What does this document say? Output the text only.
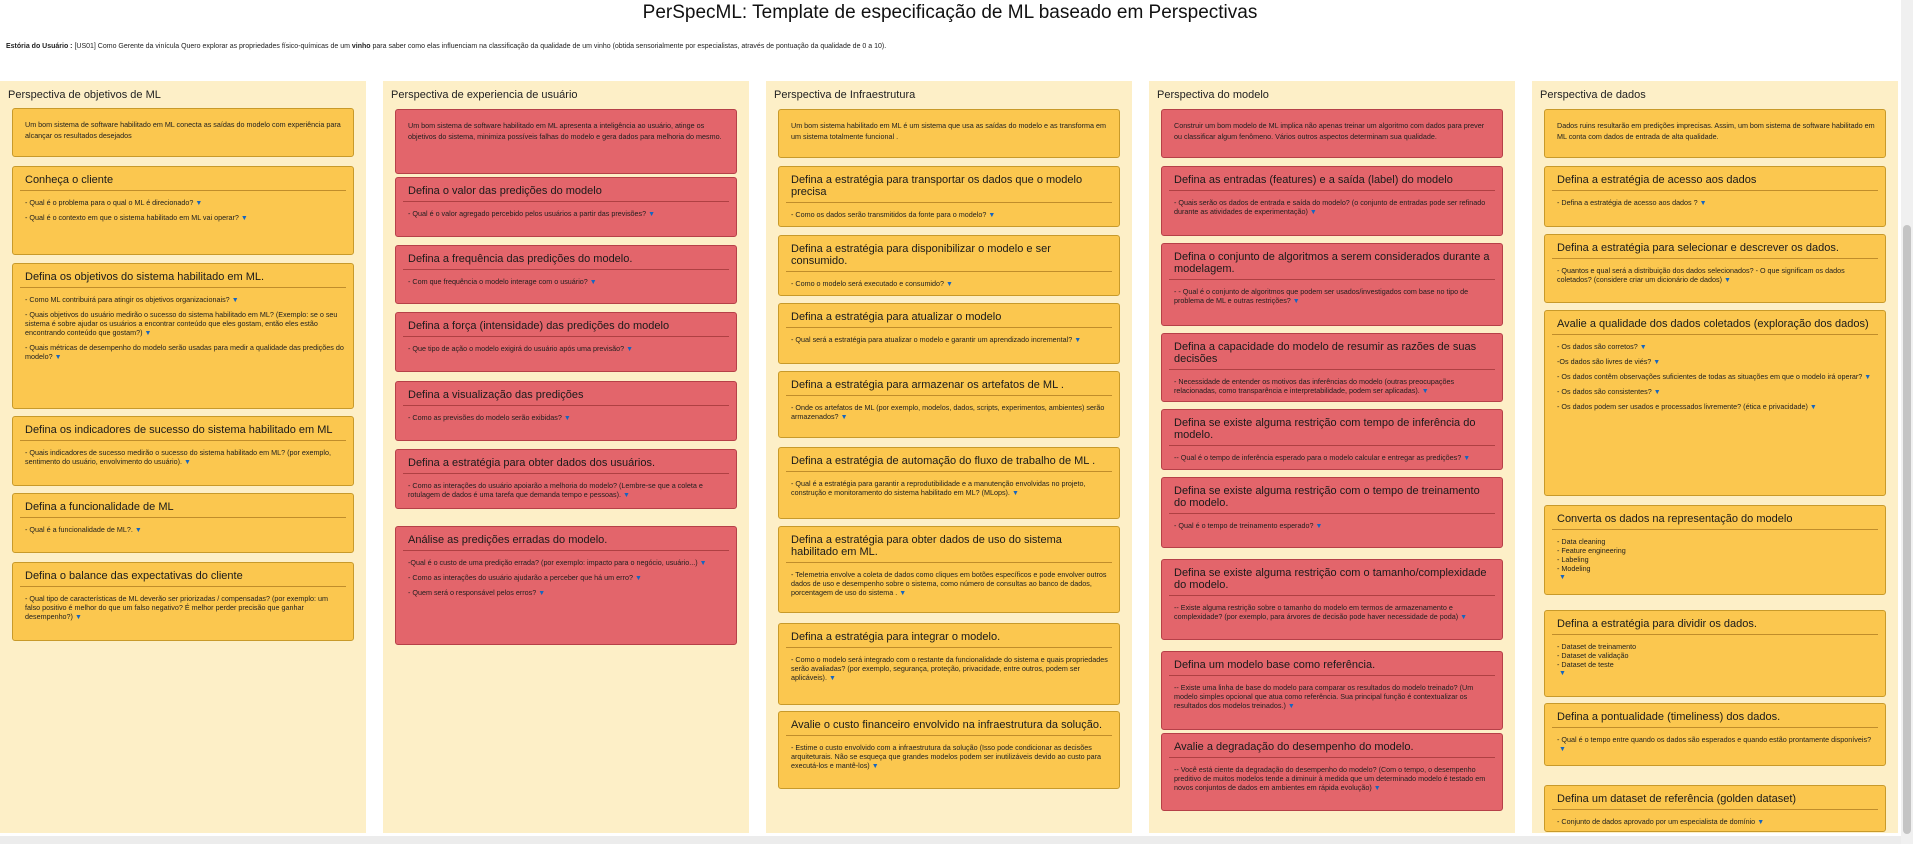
PerSpecML: Template de especificação de ML baseado em Perspectivas
Estória do Usuário : [US01] Como Gerente da vinícula Quero explorar as propriedades físico-químicas de um vinho para saber como elas influenciam na classificação da qualidade de um vinho (obtida sensorialmente por especialistas, através de pontuação da qualidade de 0 a 10).
Perspectiva de objetivos de ML
Um bom sistema de software habilitado em ML conecta as saídas do modelo com experiência para alcançar os resultados desejados
Conheça o cliente
- Qual é o problema para o qual o ML é direcionado? ▼
- Qual é o contexto em que o sistema habilitado em ML vai operar? ▼
Defina os objetivos do sistema habilitado em ML.
- Como ML contribuirá para atingir os objetivos organizacionais? ▼
- Quais objetivos do usuário medirão o sucesso do sistema habilitado em ML? (Exemplo: se o seu sistema é sobre ajudar os usuários a encontrar conteúdo que eles gostam, então eles estão encontrando conteúdo que gostam?) ▼
- Quais métricas de desempenho do modelo serão usadas para medir a qualidade das predições do modelo? ▼
Defina os indicadores de sucesso do sistema habilitado em ML
- Quais indicadores de sucesso medirão o sucesso do sistema habilitado em ML? (por exemplo, sentimento do usuário, envolvimento do usuário). ▼
Defina a funcionalidade de ML
- Qual é a funcionalidade de ML?. ▼
Defina o balance das expectativas do cliente
- Qual tipo de características de ML deverão ser priorizadas / compensadas? (por exemplo: um falso positivo é melhor do que um falso negativo? É melhor perder precisão que ganhar desempenho?) ▼
Perspectiva de experiencia de usuário
Um bom sistema de software habilitado em ML apresenta a inteligência ao usuário, atinge os objetivos do sistema, minimiza possíveis falhas do modelo e gera dados para melhoria do mesmo.
Defina o valor das predições do modelo
- Qual é o valor agregado percebido pelos usuários a partir das previsões? ▼
Defina a frequência das predições do modelo.
- Com que frequência o modelo interage com o usuário? ▼
Defina a força (intensidade) das predições do modelo
- Que tipo de ação o modelo exigirá do usuário após uma previsão? ▼
Defina a visualização das predições
- Como as previsões do modelo serão exibidas? ▼
Defina a estratégia para obter dados dos usuários.
- Como as interações do usuário apoiarão a melhoria do modelo? (Lembre-se que a coleta e rotulagem de dados é uma tarefa que demanda tempo e pessoas). ▼
Análise as predições erradas do modelo.
-Qual é o custo de uma predição errada? (por exemplo: impacto para o negócio, usuário...) ▼
- Como as interações do usuário ajudarão a perceber que há um erro? ▼
- Quem será o responsável pelos erros? ▼
Perspectiva de Infraestrutura
Um bom sistema habilitado em ML é um sistema que usa as saídas do modelo e as transforma em um sistema totalmente funcional .
Defina a estratégia para transportar os dados que o modelo precisa
- Como os dados serão transmitidos da fonte para o modelo? ▼
Defina a estratégia para disponibilizar o modelo e ser consumido.
- Como o modelo será executado e consumido? ▼
Defina a estratégia para atualizar o modelo
- Qual será a estratégia para atualizar o modelo e garantir um aprendizado incremental? ▼
Defina a estratégia para armazenar os artefatos de ML .
- Onde os artefatos de ML (por exemplo, modelos, dados, scripts, experimentos, ambientes) serão armazenados? ▼
Defina a estratégia de automação do fluxo de trabalho de ML .
- Qual é a estratégia para garantir a reprodutibilidade e a manutenção envolvidas no projeto, construção e monitoramento do sistema habilitado em ML? (MLops). ▼
Defina a estratégia para obter dados de uso do sistema habilitado em ML.
- Telemetria envolve a coleta de dados como cliques em botões específicos e pode envolver outros dados de uso e desempenho sobre o sistema, como número de consultas ao banco de dados, porcentagem de uso do sistema . ▼
Defina a estratégia para integrar o modelo.
- Como o modelo será integrado com o restante da funcionalidade do sistema e quais propriedades serão avaliadas? (por exemplo, segurança, proteção, privacidade, entre outros, podem ser aplicáveis). ▼
Avalie o custo financeiro envolvido na infraestrutura da solução.
- Estime o custo envolvido com a infraestrutura da solução (Isso pode condicionar as decisões arquiteturais. Não se esqueça que grandes modelos podem ser inutilizáveis devido ao custo para executá-los e mantê-los) ▼
Perspectiva do modelo
Construir um bom modelo de ML implica não apenas treinar um algoritmo com dados para prever ou classificar algum fenômeno. Vários outros aspectos determinam sua qualidade.
Defina as entradas (features) e a saída (label) do modelo
- Quais serão os dados de entrada e saída do modelo? (o conjunto de entradas pode ser refinado durante as atividades de experimentação) ▼
Defina o conjunto de algoritmos a serem considerados durante a modelagem.
- - Qual é o conjunto de algoritmos que podem ser usados/investigados com base no tipo de problema de ML e outras restrições? ▼
Defina a capacidade do modelo de resumir as razões de suas decisões
- Necessidade de entender os motivos das inferências do modelo (outras preocupações relacionadas, como transparência e interpretabilidade, podem ser aplicadas). ▼
Defina se existe alguma restrição com tempo de inferência do modelo.
-- Qual é o tempo de inferência esperado para o modelo calcular e entregar as predições? ▼
Defina se existe alguma restrição com o tempo de treinamento do modelo.
- Qual é o tempo de treinamento esperado? ▼
Defina se existe alguma restrição com o tamanho/complexidade do modelo.
-- Existe alguma restrição sobre o tamanho do modelo em termos de armazenamento e complexidade? (por exemplo, para árvores de decisão pode haver necessidade de poda) ▼
Defina um modelo base como referência.
-- Existe uma linha de base do modelo para comparar os resultados do modelo treinado? (Um modelo simples opcional que atua como referência. Sua principal função é contextualizar os resultados dos modelos treinados.) ▼
Avalie a degradação do desempenho do modelo.
-- Você está ciente da degradação do desempenho do modelo? (Com o tempo, o desempenho preditivo de muitos modelos tende a diminuir à medida que um determinado modelo é testado em novos conjuntos de dados em ambientes em rápida evolução) ▼
Perspectiva de dados
Dados ruins resultarão em predições imprecisas. Assim, um bom sistema de software habilitado em ML conta com dados de entrada de alta qualidade.
Defina a estratégia de acesso aos dados
- Defina a estratégia de acesso aos dados ? ▼
Defina a estratégia para selecionar e descrever os dados.
- Quantos e qual será a distribuição dos dados selecionados? - O que significam os dados coletados? (considere criar um dicionário de dados) ▼
Avalie a qualidade dos dados coletados (exploração dos dados)
- Os dados são corretos? ▼
-Os dados são livres de viés? ▼
- Os dados contêm observações suficientes de todas as situações em que o modelo irá operar? ▼
- Os dados são consistentes? ▼
- Os dados podem ser usados e processados livremente? (ética e privacidade) ▼
Converta os dados na representação do modelo
- Data cleaning
- Feature engineering
- Labeling
- Modeling
▼
Defina a estratégia para dividir os dados.
- Dataset de treinamento
- Dataset de validação
- Dataset de teste
▼
Defina a pontualidade (timeliness) dos dados.
- Qual é o tempo entre quando os dados são esperados e quando estão prontamente disponíveis?▼
Defina um dataset de referência (golden dataset)
- Conjunto de dados aprovado por um especialista de domínio ▼
